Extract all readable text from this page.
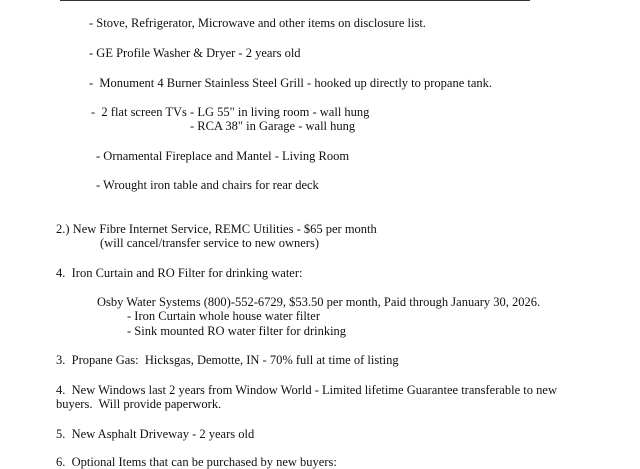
- Stove, Refrigerator, Microwave and other items on disclosure list.
- GE Profile Washer & Dryer - 2 years old
-  Monument 4 Burner Stainless Steel Grill - hooked up directly to propane tank.
-  2 flat screen TVs - LG 55" in living room - wall hung
- RCA 38" in Garage - wall hung
- Ornamental Fireplace and Mantel - Living Room
- Wrought iron table and chairs for rear deck
2.) New Fibre Internet Service, REMC Utilities - $65 per month
(will cancel/transfer service to new owners)
4.  Iron Curtain and RO Filter for drinking water:
Osby Water Systems (800)-552-6729, $53.50 per month, Paid through January 30, 2026.
- Iron Curtain whole house water filter
- Sink mounted RO water filter for drinking
3.  Propane Gas:  Hicksgas, Demotte, IN - 70% full at time of listing
4.  New Windows last 2 years from Window World - Limited lifetime Guarantee transferable to new
buyers.  Will provide paperwork.
5.  New Asphalt Driveway - 2 years old
6.  Optional Items that can be purchased by new buyers:
